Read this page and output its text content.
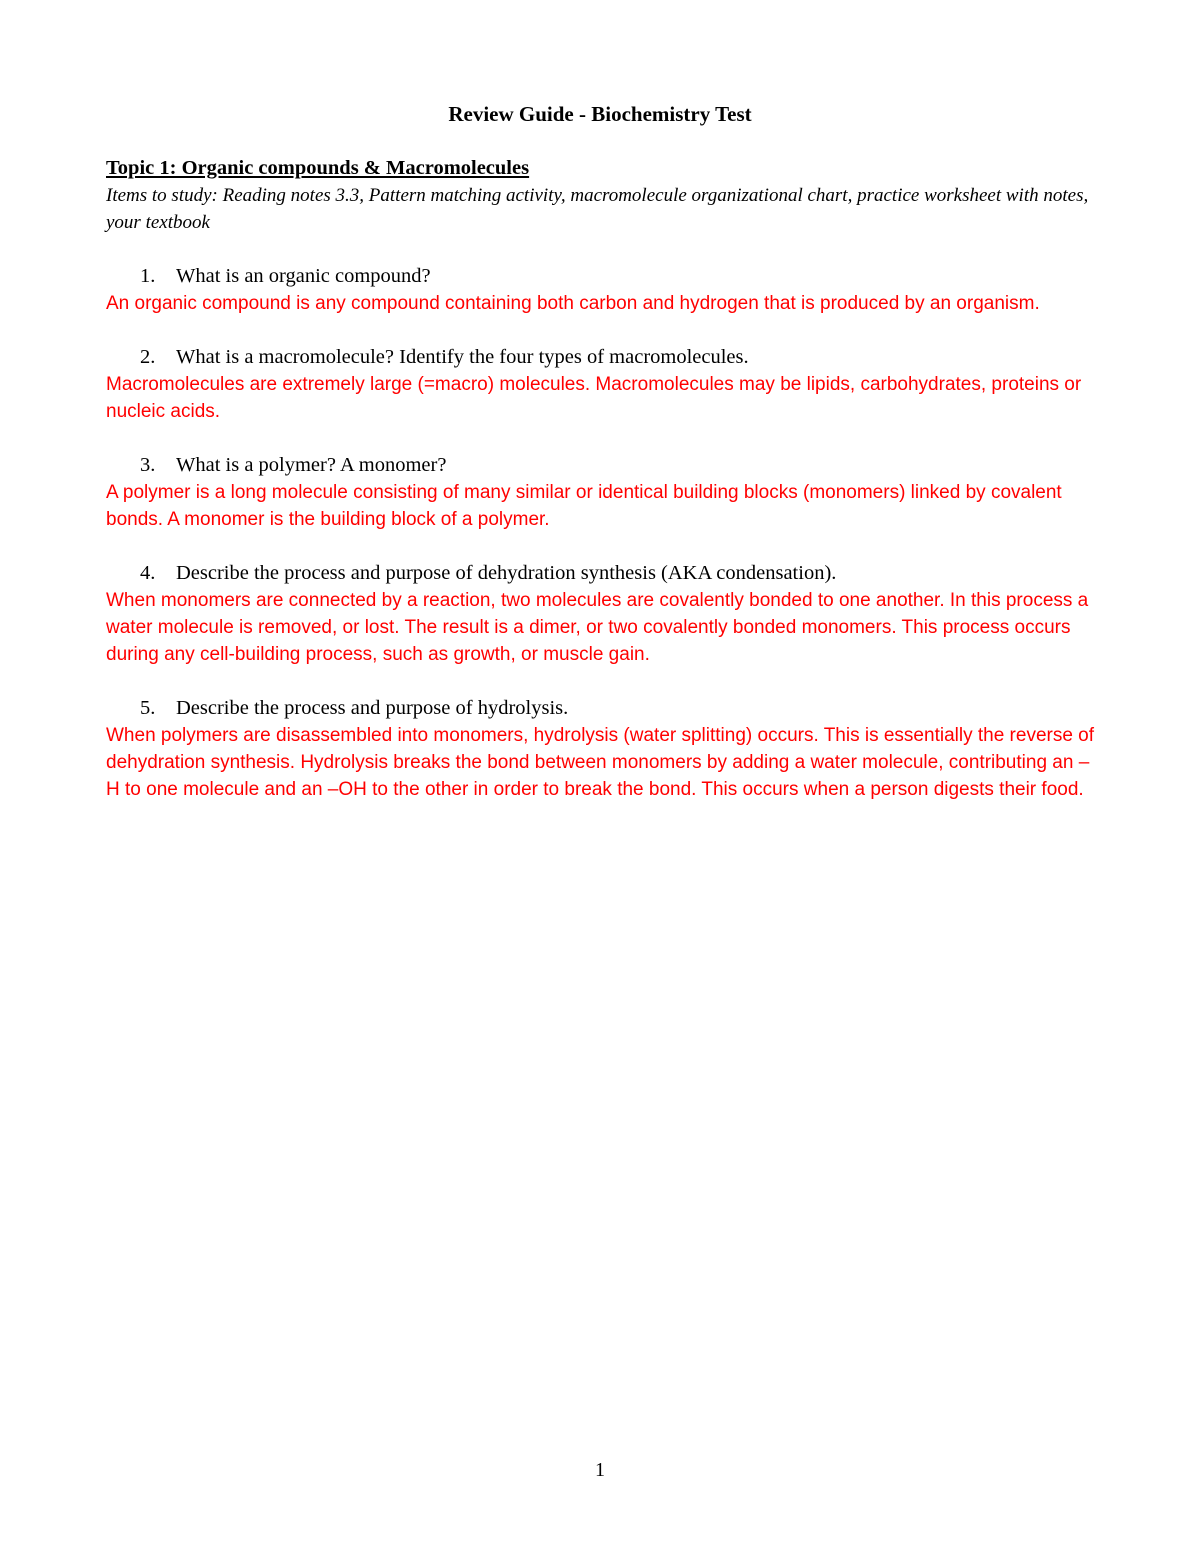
Review Guide - Biochemistry Test

Topic 1: Organic compounds & Macromolecules

Items to study: Reading notes 3.3, Pattern matching activity, macromolecule organizational chart, practice worksheet with notes, your textbook

1.	What is an organic compound?

An organic compound is any compound containing both carbon and hydrogen that is produced by an organism.

2.	What is a macromolecule? Identify the four types of macromolecules.

Macromolecules are extremely large (=macro) molecules. Macromolecules may be lipids, carbohydrates, proteins or nucleic acids.

3.	What is a polymer? A monomer?

A polymer is a long molecule consisting of many similar or identical building blocks (monomers) linked by covalent bonds. A monomer is the building block of a polymer.

4.	Describe the process and purpose of dehydration synthesis (AKA condensation).

When monomers are connected by a reaction, two molecules are covalently bonded to one another. In this process a water molecule is removed, or lost. The result is a dimer, or two covalently bonded monomers. This process occurs during any cell-building process, such as growth, or muscle gain.

5.	Describe the process and purpose of hydrolysis.

When polymers are disassembled into monomers, hydrolysis (water splitting) occurs. This is essentially the reverse of dehydration synthesis. Hydrolysis breaks the bond between monomers by adding a water molecule, contributing an –H to one molecule and an –OH to the other in order to break the bond. This occurs when a person digests their food.

1
